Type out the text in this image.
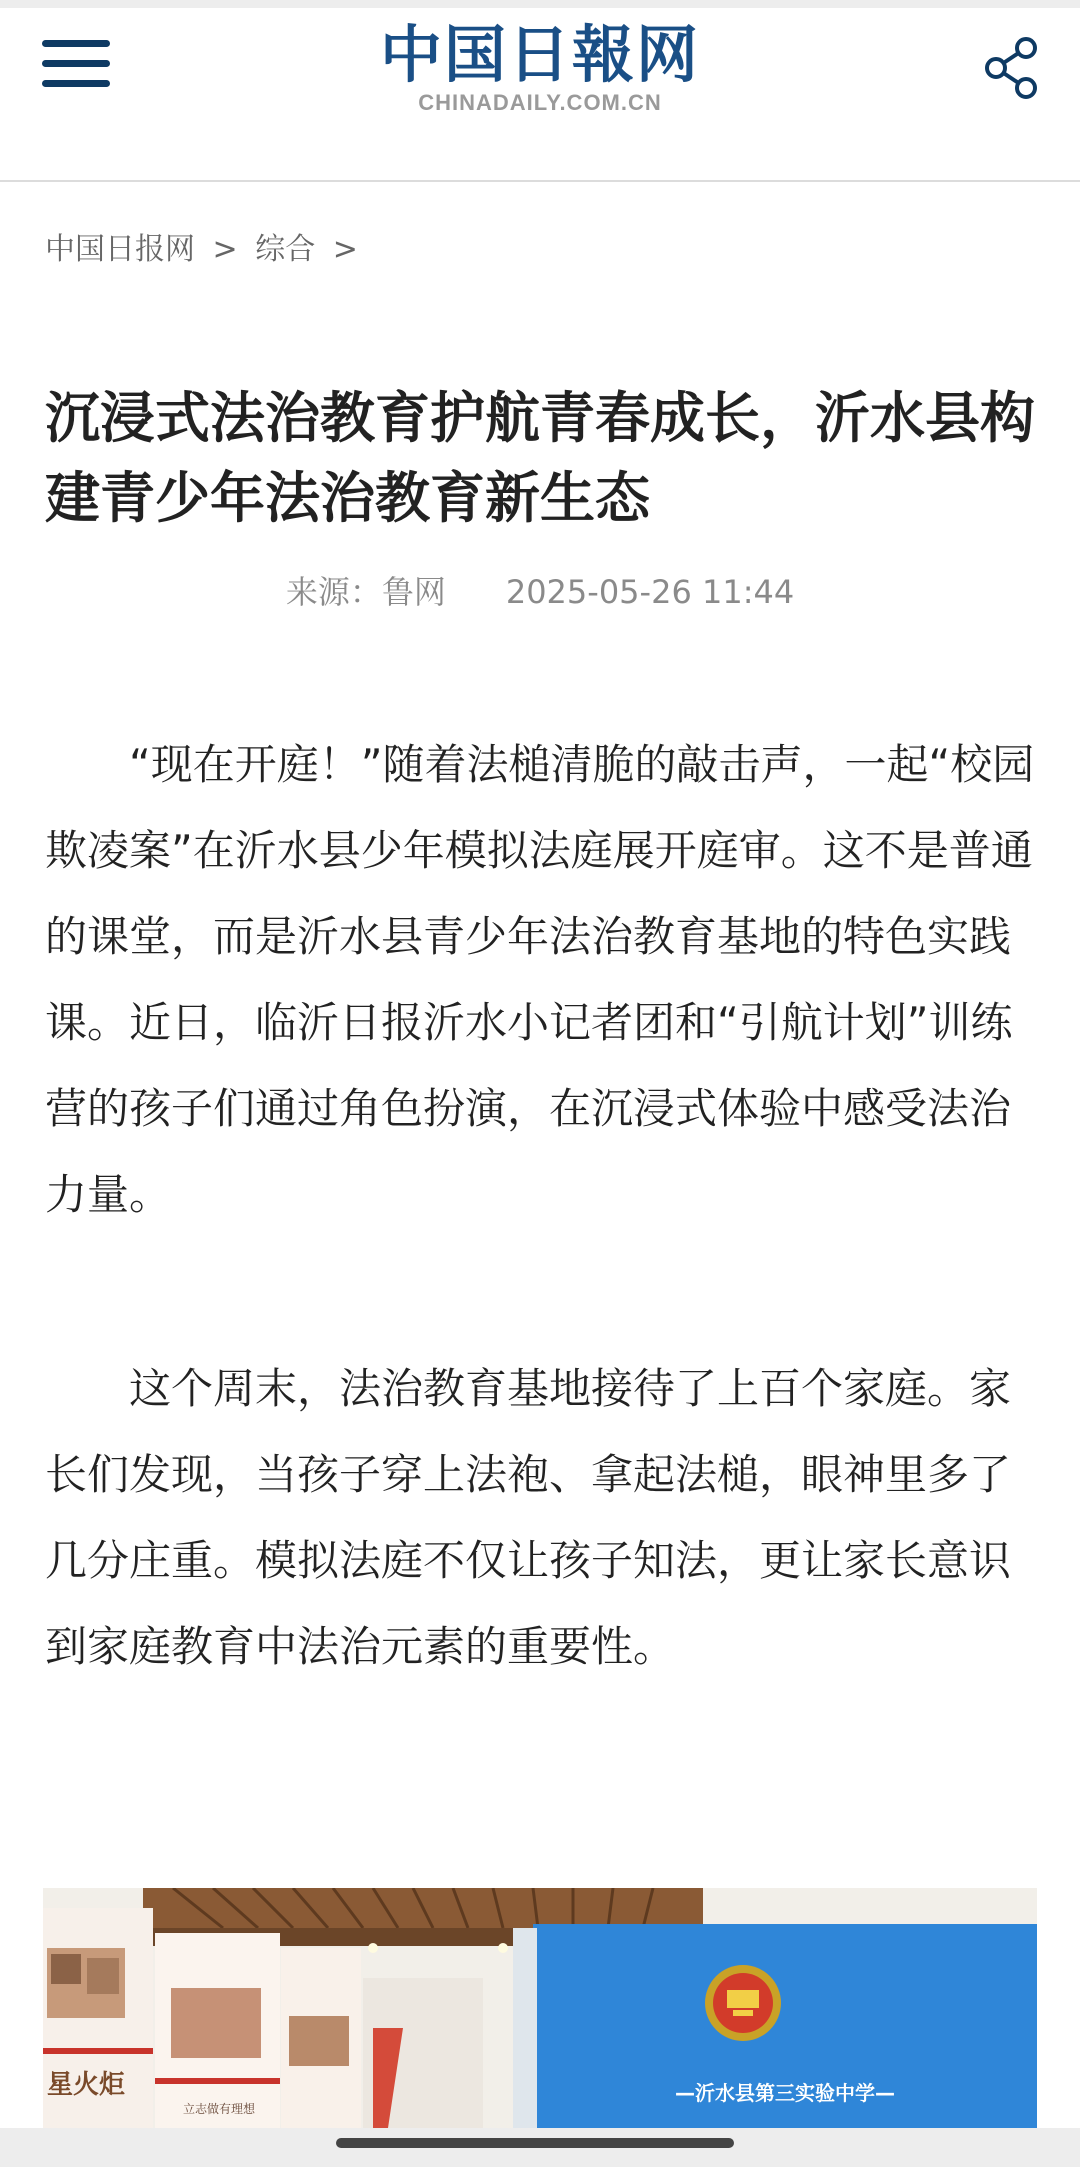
中国日報网
CHINADAILY.COM.CN
中国日报网 > 综合 >
沉浸式法治教育护航青春成长，沂水县构建青少年法治教育新生态
来源：鲁网 2025-05-26 11:44

“现在开庭！”随着法槌清脆的敲击声，一起“校园欺凌案”在沂水县少年模拟法庭展开庭审。这不是普通的课堂，而是沂水县青少年法治教育基地的特色实践课。近日，临沂日报沂水小记者团和“引航计划”训练营的孩子们通过角色扮演，在沉浸式体验中感受法治力量。

这个周末，法治教育基地接待了上百个家庭。家长们发现，当孩子穿上法袍、拿起法槌，眼神里多了几分庄重。模拟法庭不仅让孩子知法，更让家长意识到家庭教育中法治元素的重要性。

星火炬
立志做有理想
—沂水县第三实验中学—
